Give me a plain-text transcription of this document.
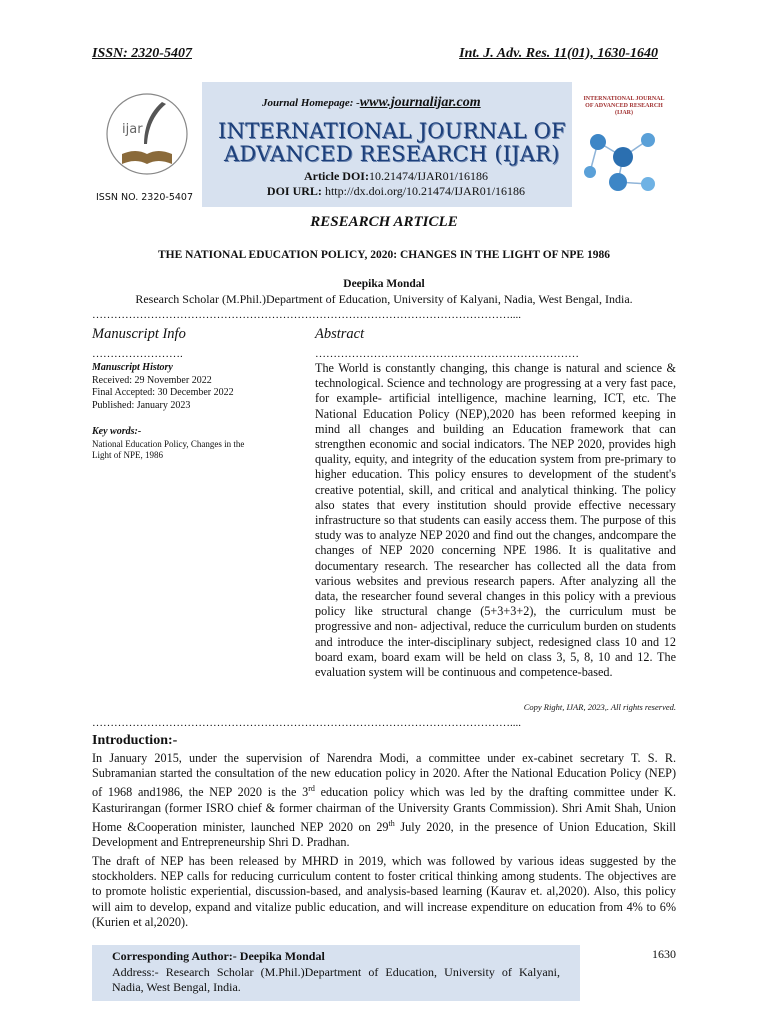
ISSN: 2320-5407	Int. J. Adv. Res. 11(01), 1630-1640
ijar
ISSN NO. 2320-5407
Journal Homepage: -www.journalijar.com
INTERNATIONAL JOURNAL OF
ADVANCED RESEARCH (IJAR)
Article DOI:10.21474/IJAR01/16186
DOI URL: http://dx.doi.org/10.21474/IJAR01/16186
INTERNATIONAL JOURNAL OF ADVANCED RESEARCH (IJAR)
RESEARCH ARTICLE
THE NATIONAL EDUCATION POLICY, 2020: CHANGES IN THE LIGHT OF NPE 1986
Deepika Mondal
Research Scholar (M.Phil.)Department of Education, University of Kalyani, Nadia, West Bengal, India.
……………………………………………………………………………………………………....
Manuscript Info
…………………….
Manuscript History
Received: 29 November 2022
Final Accepted: 30 December 2022
Published: January 2023
Key words:-
National Education Policy, Changes in the Light of NPE, 1986
Abstract
………………………………………………………………
The World is constantly changing, this change is natural and science & technological. Science and technology are progressing at a very fast pace, for example- artificial intelligence, machine learning, ICT, etc. The National Education Policy (NEP),2020 has been reformed keeping in mind all changes and building an Education framework that can strengthen economic and social indicators. The NEP 2020, provides high quality, equity, and integrity of the education system from pre-primary to higher education. This policy ensures to development of the student's creative potential, skill, and critical and analytical thinking. The policy also states that every institution should provide effective necessary infrastructure so that students can easily access them. The purpose of this study was to analyze NEP 2020 and find out the changes, andcompare the changes of NEP 2020 concerning NPE 1986. It is qualitative and documentary research. The researcher has collected all the data from various websites and previous research papers. After analyzing all the data, the researcher found several changes in this policy with a previous policy like structural change (5+3+3+2), the curriculum must be progressive and non- adjectival, reduce the curriculum burden on students and introduce the inter-disciplinary subject, redesigned class 10 and 12 board exam, board exam will be held on class 3, 5, 8, 10 and 12. The evaluation system will be continuous and competence-based.
Copy Right, IJAR, 2023,. All rights reserved.
……………………………………………………………………………………………………....
Introduction:-
In January 2015, under the supervision of Narendra Modi, a committee under ex-cabinet secretary T. S. R. Subramanian started the consultation of the new education policy in 2020. After the National Education Policy (NEP) of 1968 and1986, the NEP 2020 is the 3rd education policy which was led by the drafting committee under K. Kasturirangan (former ISRO chief & former chairman of the University Grants Commission). Shri Amit Shah, Union Home &Cooperation minister, launched NEP 2020 on 29th July 2020, in the presence of Union Education, Skill Development and Entrepreneurship Shri D. Pradhan.
The draft of NEP has been released by MHRD in 2019, which was followed by various ideas suggested by the stockholders. NEP calls for reducing curriculum content to foster critical thinking among students. The objectives are to promote holistic experiential, discussion-based, and analysis-based learning (Kaurav et. al,2020). Also, this policy will aim to develop, expand and vitalize public education, and will increase expenditure on education from 4% to 6% (Kurien et al,2020).
Corresponding Author:- Deepika Mondal
Address:- Research Scholar (M.Phil.)Department of Education, University of Kalyani, Nadia, West Bengal, India.
1630
